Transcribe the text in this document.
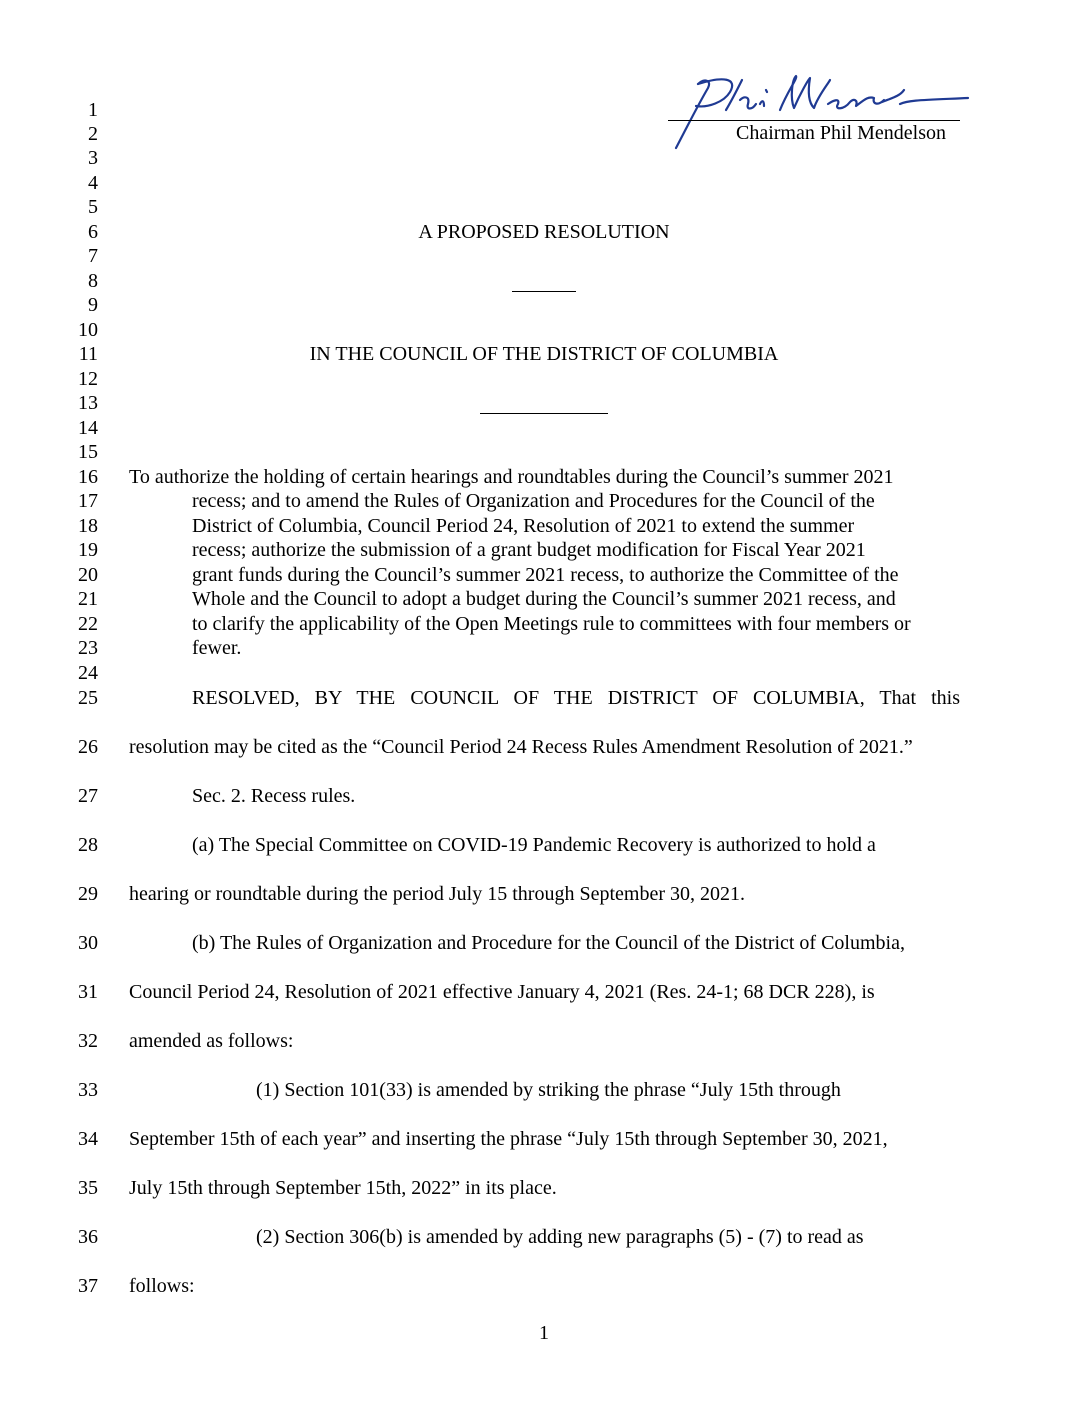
Chairman Phil Mendelson
1
2
3
4
5
6
7
8
9
10
11
12
13
14
15
16
17
18
19
20
21
22
23
24
25
26
27
28
29
30
31
32
33
34
35
36
37
A PROPOSED RESOLUTION
IN THE COUNCIL OF THE DISTRICT OF COLUMBIA
To authorize the holding of certain hearings and roundtables during the Council’s summer 2021
recess; and to amend the Rules of Organization and Procedures for the Council of the
District of Columbia, Council Period 24, Resolution of 2021 to extend the summer
recess; authorize the submission of a grant budget modification for Fiscal Year 2021
grant funds during the Council’s summer 2021 recess, to authorize the Committee of the
Whole and the Council to adopt a budget during the Council’s summer 2021 recess, and
to clarify the applicability of the Open Meetings rule to committees with four members or
fewer.
RESOLVED, BY THE COUNCIL OF THE DISTRICT OF COLUMBIA, That this
resolution may be cited as the “Council Period 24 Recess Rules Amendment Resolution of 2021.”
Sec. 2. Recess rules.
(a) The Special Committee on COVID-19 Pandemic Recovery is authorized to hold a
hearing or roundtable during the period July 15 through September 30, 2021.
(b) The Rules of Organization and Procedure for the Council of the District of Columbia,
Council Period 24, Resolution of 2021 effective January 4, 2021 (Res. 24-1; 68 DCR 228), is
amended as follows:
(1) Section 101(33) is amended by striking the phrase “July 15th through
September 15th of each year” and inserting the phrase “July 15th through September 30, 2021,
July 15th through September 15th, 2022” in its place.
(2) Section 306(b) is amended by adding new paragraphs (5) - (7) to read as
follows:
1
